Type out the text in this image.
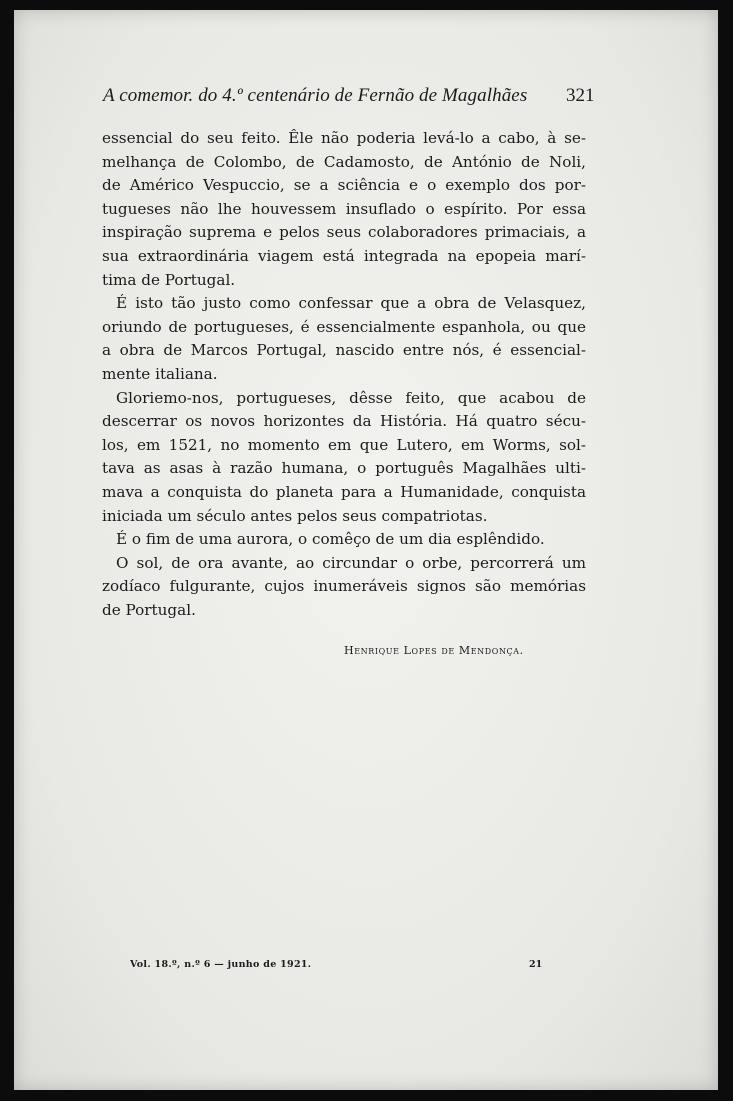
A comemor. do 4.º centenário de Fernão de Magalhães	321
essencial do seu feito. Êle não poderia levá-lo a cabo, à se-
melhança de Colombo, de Cadamosto, de António de Noli,
de Américo Vespuccio, se a sciência e o exemplo dos por-
tugueses não lhe houvessem insuflado o espírito. Por essa
inspiração suprema e pelos seus colaboradores primaciais, a
sua extraordinária viagem está integrada na epopeia marí-
tima de Portugal.
É isto tão justo como confessar que a obra de Velasquez,
oriundo de portugueses, é essencialmente espanhola, ou que
a obra de Marcos Portugal, nascido entre nós, é essencial-
mente italiana.
Gloriemo-nos, portugueses, dêsse feito, que acabou de
descerrar os novos horizontes da História. Há quatro sécu-
los, em 1521, no momento em que Lutero, em Worms, sol-
tava as asas à razão humana, o português Magalhães ulti-
mava a conquista do planeta para a Humanidade, conquista
iniciada um século antes pelos seus compatriotas.
É o fim de uma aurora, o comêço de um dia esplêndido.
O sol, de ora avante, ao circundar o orbe, percorrerá um
zodíaco fulgurante, cujos inumeráveis signos são memórias
de Portugal.
Henrique Lopes de Mendonça.
Vol. 18.º, n.º 6 — junho de 1921.	21
